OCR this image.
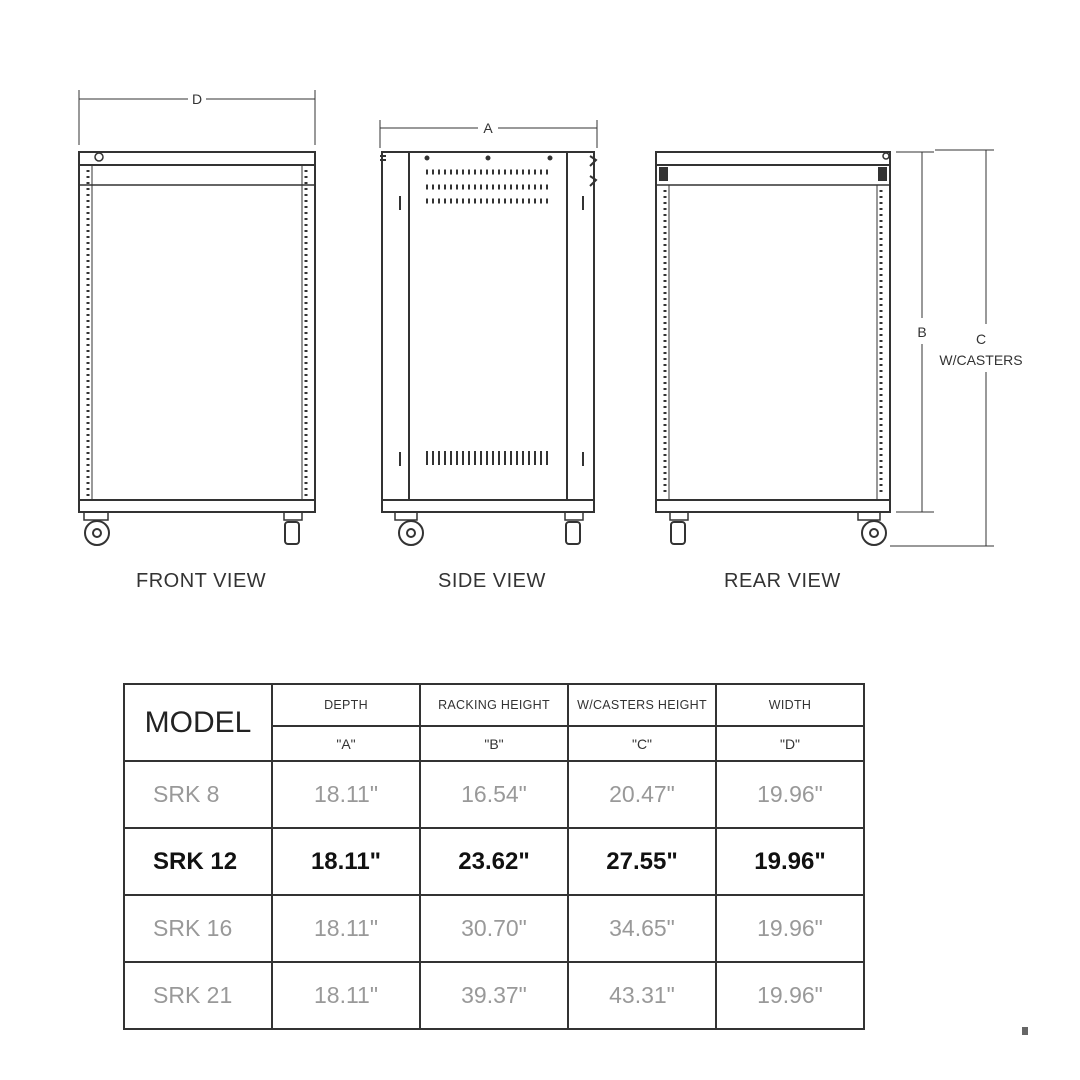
D
A
B	C
W/CASTERS
FRONT VIEW	SIDE VIEW	REAR VIEW
MODEL	DEPTH	RACKING HEIGHT	W/CASTERS HEIGHT	WIDTH
	"A"	"B"	"C"	"D"
SRK 8	18.11"	16.54"	20.47"	19.96"
SRK 12	18.11"	23.62"	27.55"	19.96"
SRK 16	18.11"	30.70"	34.65"	19.96"
SRK 21	18.11"	39.37"	43.31"	19.96"
